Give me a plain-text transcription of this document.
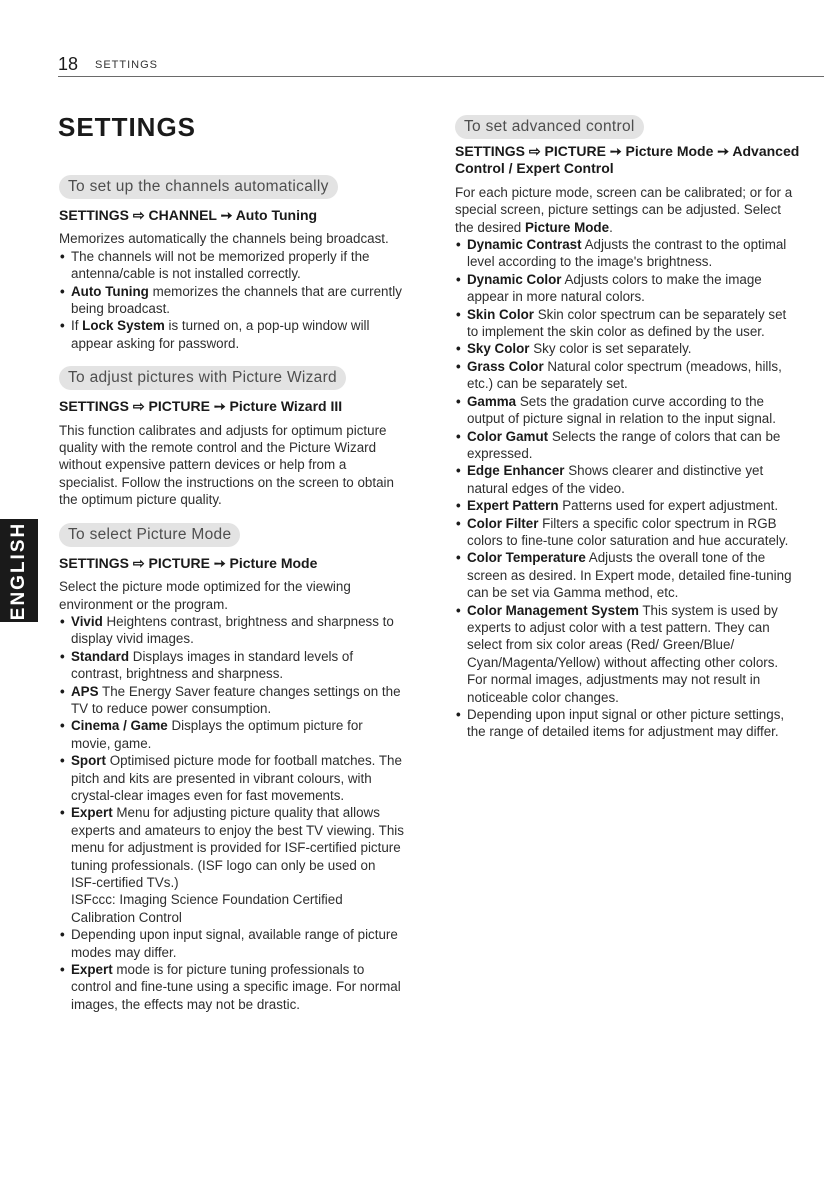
18 SETTINGS
SETTINGS
ENGLISH
To set up the channels automatically

SETTINGS ⇨ CHANNEL ➙ Auto Tuning

Memorizes automatically the channels being broadcast.

• The channels will not be memorized properly if the antenna/cable is not installed correctly.
• Auto Tuning memorizes the channels that are currently being broadcast.
• If Lock System is turned on, a pop-up window will appear asking for password.
To adjust pictures with Picture Wizard

SETTINGS ⇨ PICTURE ➙ Picture Wizard III

This function calibrates and adjusts for optimum picture quality with the remote control and the Picture Wizard without expensive pattern devices or help from a specialist. Follow the instructions on the screen to obtain the optimum picture quality.

To select Picture Mode

SETTINGS ⇨ PICTURE ➙ Picture Mode

Select the picture mode optimized for the viewing environment or the program.

• Vivid Heightens contrast, brightness and sharpness to display vivid images.
• Standard Displays images in standard levels of contrast, brightness and sharpness.
• APS The Energy Saver feature changes settings on the TV to reduce power consumption.
• Cinema / Game Displays the optimum picture for movie, game.
• Sport Optimised picture mode for football matches. The pitch and kits are presented in vibrant colours, with crystal-clear images even for fast movements.
• Expert Menu for adjusting picture quality that allows experts and amateurs to enjoy the best TV viewing. This menu for adjustment is provided for ISF-certified picture tuning professionals. (ISF logo can only be used on ISF-certified TVs.)
ISFccc: Imaging Science Foundation Certified Calibration Control
• Depending upon input signal, available range of picture modes may differ.
• Expert mode is for picture tuning professionals to control and fine-tune using a specific image. For normal images, the effects may not be drastic.
To set advanced control

SETTINGS ⇨ PICTURE ➙ Picture Mode ➙ Advanced Control / Expert Control

For each picture mode, screen can be calibrated; or for a special screen, picture settings can be adjusted. Select the desired Picture Mode.

• Dynamic Contrast Adjusts the contrast to the optimal level according to the image's brightness.
• Dynamic Color Adjusts colors to make the image appear in more natural colors.
• Skin Color Skin color spectrum can be separately set to implement the skin color as defined by the user.
• Sky Color Sky color is set separately.
• Grass Color Natural color spectrum (meadows, hills, etc.) can be separately set.
• Gamma Sets the gradation curve according to the output of picture signal in relation to the input signal.
• Color Gamut Selects the range of colors that can be expressed.
• Edge Enhancer Shows clearer and distinctive yet natural edges of the video.
• Expert Pattern Patterns used for expert adjustment.
• Color Filter Filters a specific color spectrum in RGB colors to fine-tune color saturation and hue accurately.
• Color Temperature Adjusts the overall tone of the screen as desired. In Expert mode, detailed fine-tuning can be set via Gamma method, etc.
• Color Management System This system is used by experts to adjust color with a test pattern. They can select from six color areas (Red/ Green/Blue/ Cyan/Magenta/Yellow) without affecting other colors. For normal images, adjustments may not result in noticeable color changes.
• Depending upon input signal or other picture settings, the range of detailed items for adjustment may differ.
